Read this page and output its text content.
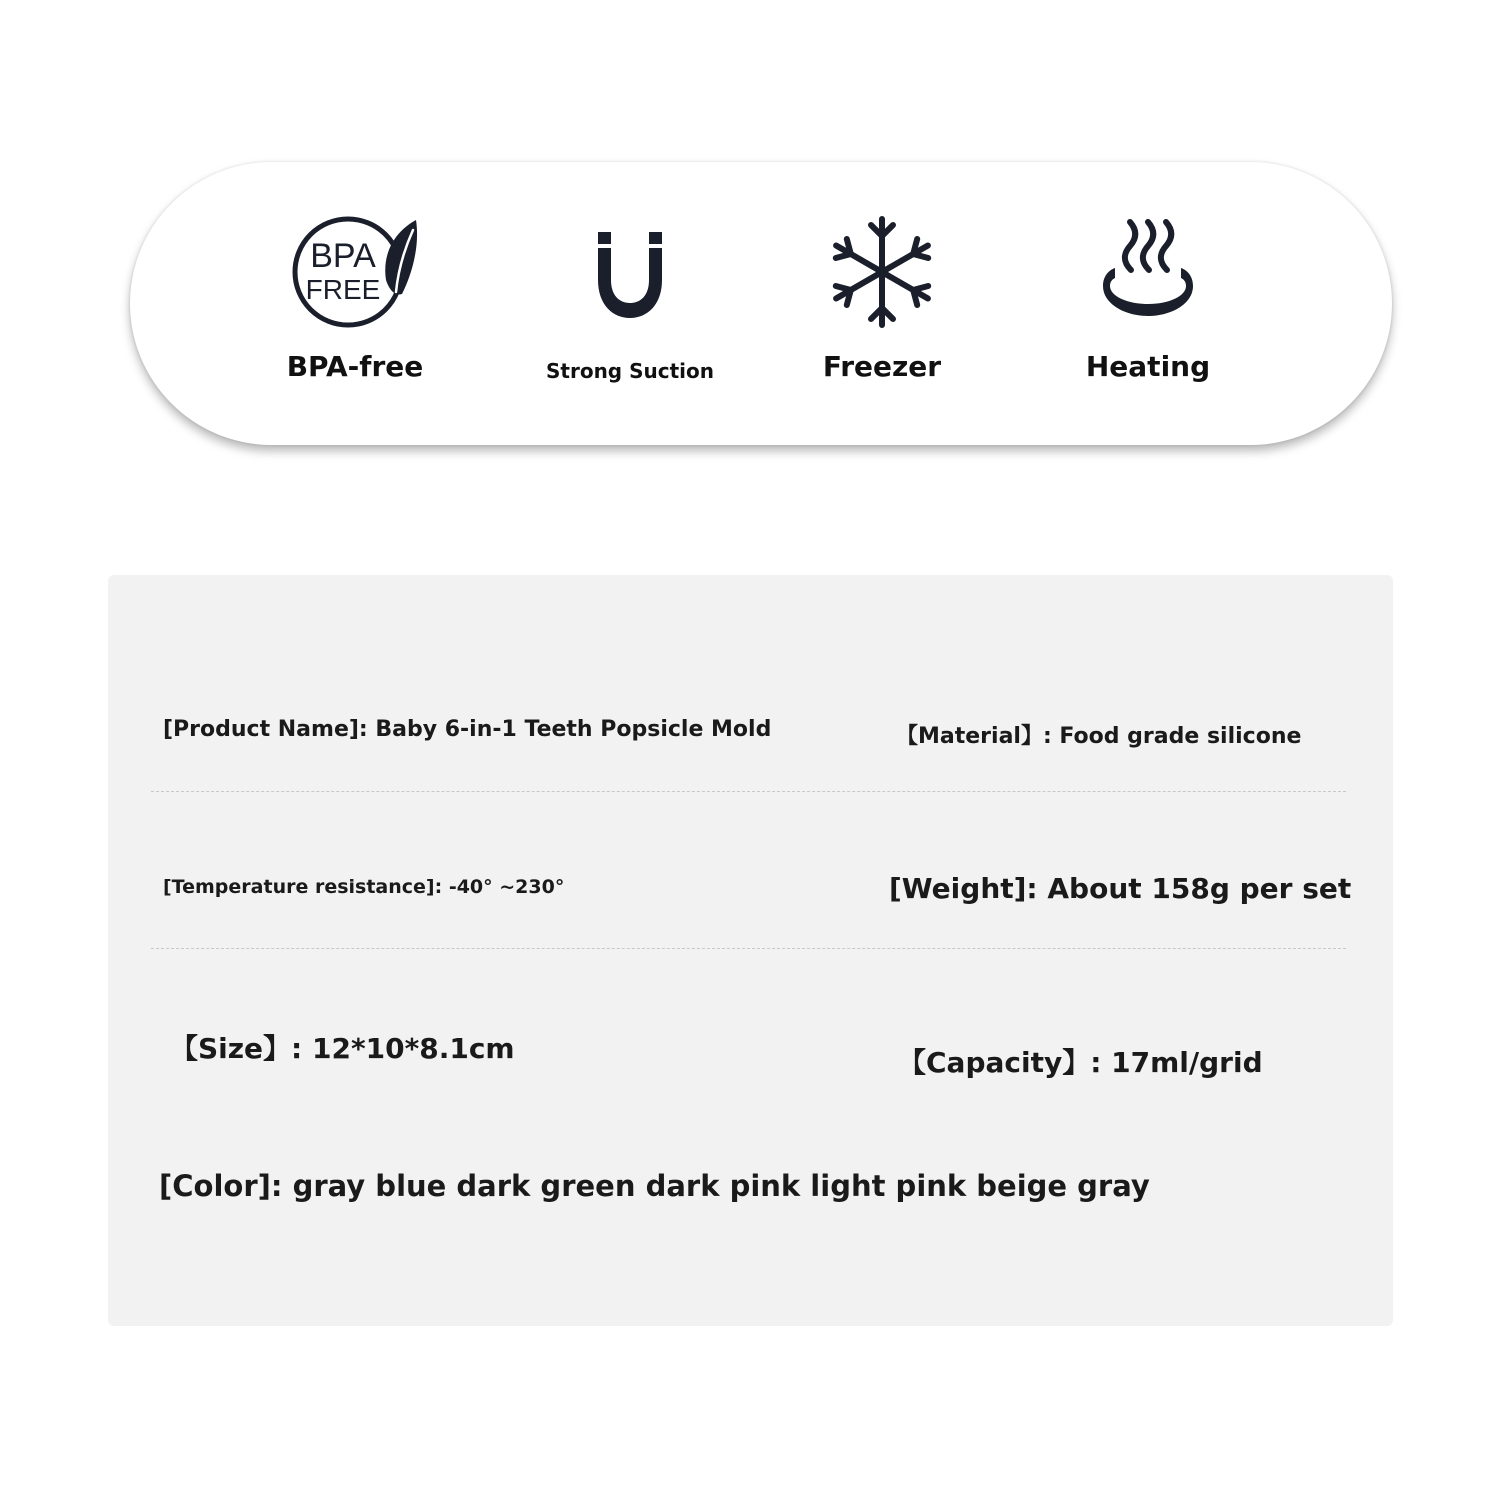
BPA
FREE
BPA-free	Strong Suction	Freezer	Heating
[Product Name]: Baby 6-in-1 Teeth Popsicle Mold	【Material】: Food grade silicone
[Temperature resistance]: -40° ~230°	[Weight]: About 158g per set
【Size】: 12*10*8.1cm	【Capacity】: 17ml/grid
[Color]: gray blue dark green dark pink light pink beige gray
